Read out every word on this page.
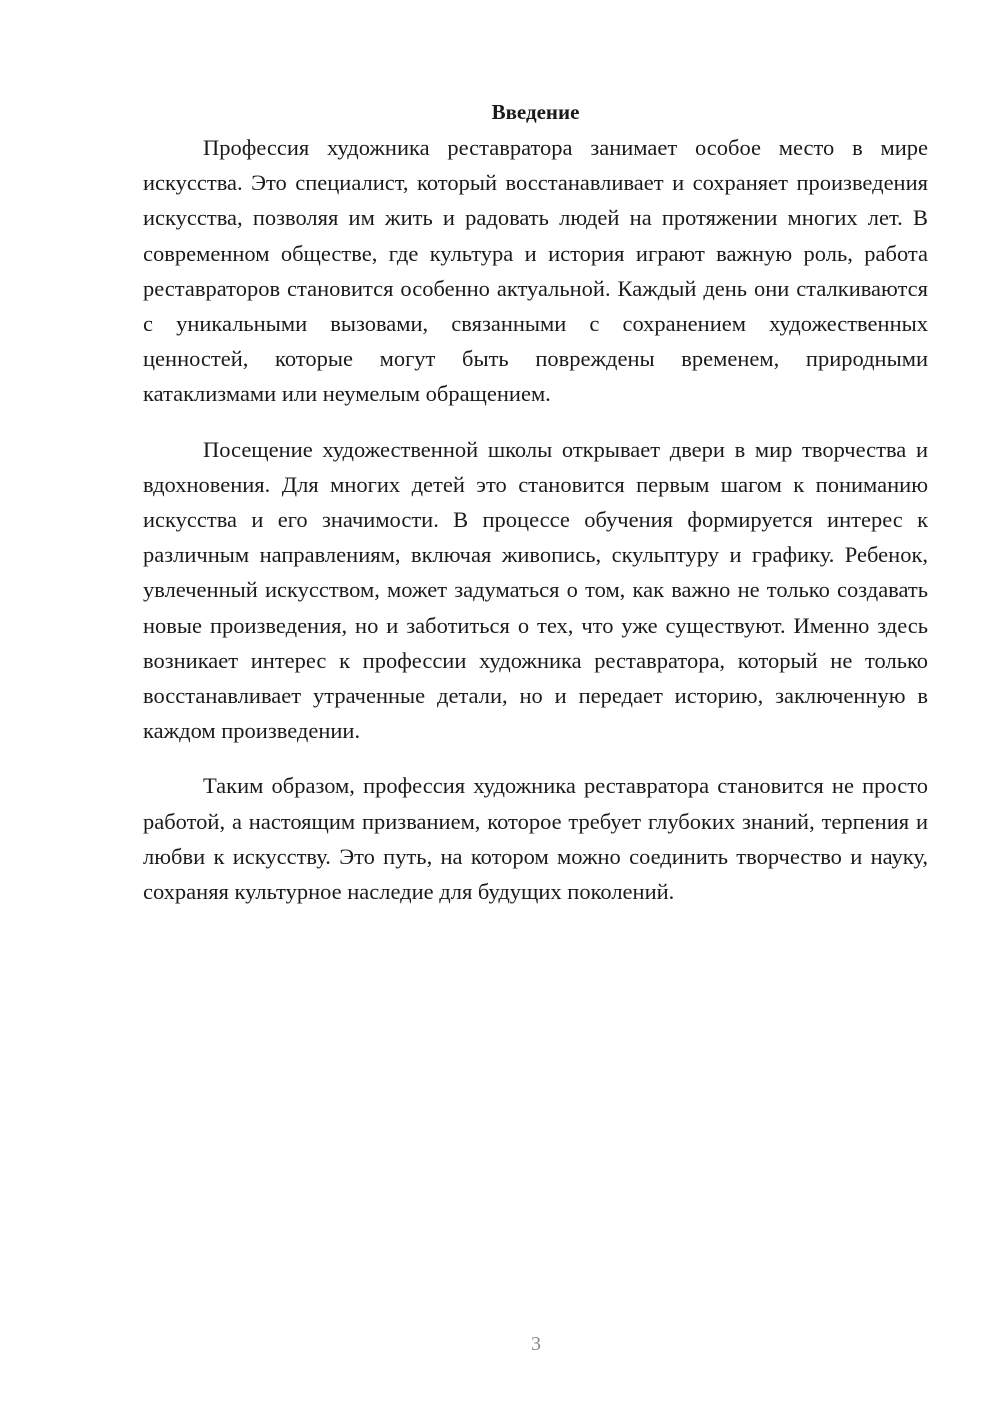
Введение

Профессия художника реставратора занимает особое место в мире искусства. Это специалист, который восстанавливает и сохраняет произведения искусства, позволяя им жить и радовать людей на протяжении многих лет. В современном обществе, где культура и история играют важную роль, работа реставраторов становится особенно актуальной. Каждый день они сталкиваются с уникальными вызовами, связанными с сохранением художественных ценностей, которые могут быть повреждены временем, природными катаклизмами или неумелым обращением.

Посещение художественной школы открывает двери в мир творчества и вдохновения. Для многих детей это становится первым шагом к пониманию искусства и его значимости. В процессе обучения формируется интерес к различным направлениям, включая живопись, скульптуру и графику. Ребенок, увлеченный искусством, может задуматься о том, как важно не только создавать новые произведения, но и заботиться о тех, что уже существуют. Именно здесь возникает интерес к профессии художника реставратора, который не только восстанавливает утраченные детали, но и передает историю, заключенную в каждом произведении.

Таким образом, профессия художника реставратора становится не просто работой, а настоящим призванием, которое требует глубоких знаний, терпения и любви к искусству. Это путь, на котором можно соединить творчество и науку, сохраняя культурное наследие для будущих поколений.

3
